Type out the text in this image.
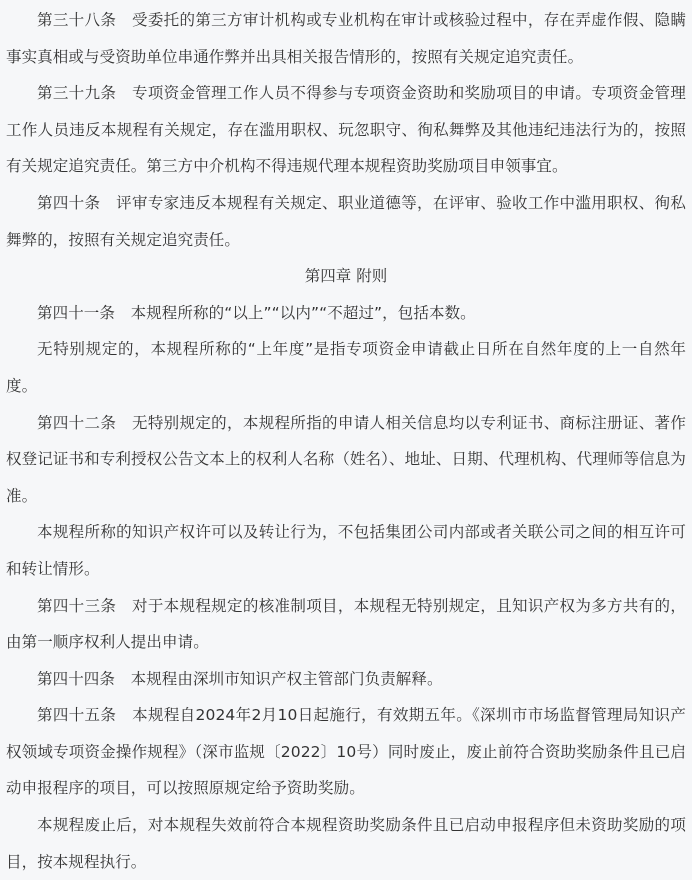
第三十八条　受委托的第三方审计机构或专业机构在审计或核验过程中，存在弄虚作假、隐瞒事实真相或与受资助单位串通作弊并出具相关报告情形的，按照有关规定追究责任。

第三十九条　专项资金管理工作人员不得参与专项资金资助和奖励项目的申请。专项资金管理工作人员违反本规程有关规定，存在滥用职权、玩忽职守、徇私舞弊及其他违纪违法行为的，按照有关规定追究责任。第三方中介机构不得违规代理本规程资助奖励项目申领事宜。

第四十条　评审专家违反本规程有关规定、职业道德等，在评审、验收工作中滥用职权、徇私舞弊的，按照有关规定追究责任。

第四章 附则

第四十一条　本规程所称的“以上”“以内”“不超过”，包括本数。

无特别规定的，本规程所称的“上年度”是指专项资金申请截止日所在自然年度的上一自然年度。

第四十二条　无特别规定的，本规程所指的申请人相关信息均以专利证书、商标注册证、著作权登记证书和专利授权公告文本上的权利人名称（姓名）、地址、日期、代理机构、代理师等信息为准。

本规程所称的知识产权许可以及转让行为，不包括集团公司内部或者关联公司之间的相互许可和转让情形。

第四十三条　对于本规程规定的核准制项目，本规程无特别规定，且知识产权为多方共有的，由第一顺序权利人提出申请。

第四十四条　本规程由深圳市知识产权主管部门负责解释。

第四十五条　本规程自2024年2月10日起施行，有效期五年。《深圳市市场监督管理局知识产权领域专项资金操作规程》（深市监规〔2022〕10号）同时废止，废止前符合资助奖励条件且已启动申报程序的项目，可以按照原规定给予资助奖励。

本规程废止后，对本规程失效前符合本规程资助奖励条件且已启动申报程序但未资助奖励的项目，按本规程执行。
